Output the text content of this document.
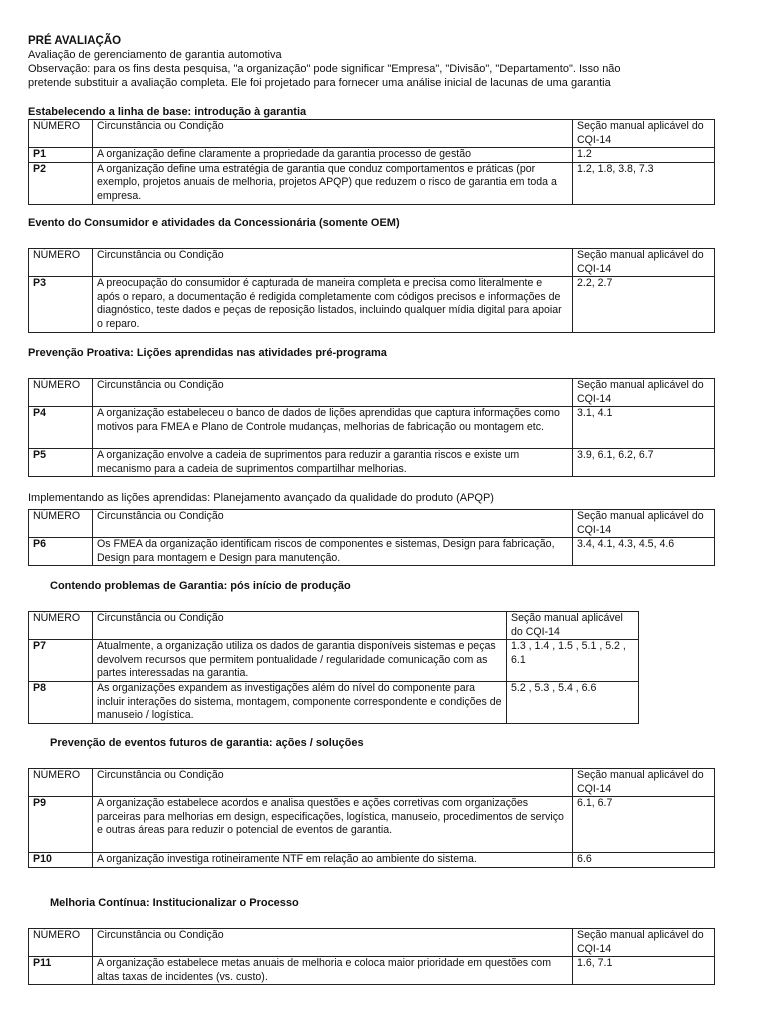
PRÉ AVALIAÇÃO
Avaliação de gerenciamento de garantia automotiva
Observação: para os fins desta pesquisa, "a organização" pode significar "Empresa", "Divisão", "Departamento". Isso não
pretende substituir a avaliação completa. Ele foi projetado para fornecer uma análise inicial de lacunas de uma garantia
Estabelecendo a linha de base: introdução à garantia
NÚMERO	Circunstância ou Condição	Seção manual aplicável do CQI-14
P1	A organização define claramente a propriedade da garantia processo de gestão	1.2
P2	A organização define uma estratégia de garantia que conduz comportamentos e práticas (por exemplo, projetos anuais de melhoria, projetos APQP) que reduzem o risco de garantia em toda a empresa.	1.2, 1.8, 3.8, 7.3
Evento do Consumidor e atividades da Concessionária (somente OEM)
NÚMERO	Circunstância ou Condição	Seção manual aplicável do CQI-14
P3	A preocupação do consumidor é capturada de maneira completa e precisa como literalmente e após o reparo, a documentação é redigida completamente com códigos precisos e informações de diagnóstico, teste dados e peças de reposição listados, incluindo qualquer mídia digital para apoiar o reparo.	2.2, 2.7
Prevenção Proativa: Lições aprendidas nas atividades pré-programa
NÚMERO	Circunstância ou Condição	Seção manual aplicável do CQI-14
P4	A organização estabeleceu o banco de dados de lições aprendidas que captura informações como motivos para FMEA e Plano de Controle mudanças, melhorias de fabricação ou montagem etc.	3.1, 4.1
P5	A organização envolve a cadeia de suprimentos para reduzir a garantia riscos e existe um mecanismo para a cadeia de suprimentos compartilhar melhorias.	3.9, 6.1, 6.2, 6.7
Implementando as lições aprendidas: Planejamento avançado da qualidade do produto (APQP)
NÚMERO	Circunstância ou Condição	Seção manual aplicável do CQI-14
P6	Os FMEA da organização identificam riscos de componentes e sistemas, Design para fabricação, Design para montagem e Design para manutenção.	3.4, 4.1, 4.3, 4.5, 4.6
Contendo problemas de Garantia: pós início de produção
NÚMERO	Circunstância ou Condição	Seção manual aplicável do CQI-14
P7	Atualmente, a organização utiliza os dados de garantia disponíveis sistemas e peças devolvem recursos que permitem pontualidade / regularidade comunicação com as partes interessadas na garantia.	1.3 , 1.4 , 1.5 , 5.1 , 5.2 , 6.1
P8	As organizações expandem as investigações além do nível do componente para incluir interações do sistema, montagem, componente correspondente e condições de manuseio / logística.	5.2 , 5.3 , 5.4 , 6.6
Prevenção de eventos futuros de garantia: ações / soluções
NÚMERO	Circunstância ou Condição	Seção manual aplicável do CQI-14
P9	A organização estabelece acordos e analisa questões e ações corretivas com organizações parceiras para melhorias em design, especificações, logística, manuseio, procedimentos de serviço e outras áreas para reduzir o potencial de eventos de garantia.	6.1, 6.7
P10	A organização investiga rotineiramente NTF em relação ao ambiente do sistema.	6.6
Melhoria Contínua: Institucionalizar o Processo
NÚMERO	Circunstância ou Condição	Seção manual aplicável do CQI-14
P11	A organização estabelece metas anuais de melhoria e coloca maior prioridade em questões com altas taxas de incidentes (vs. custo).	1.6, 7.1
